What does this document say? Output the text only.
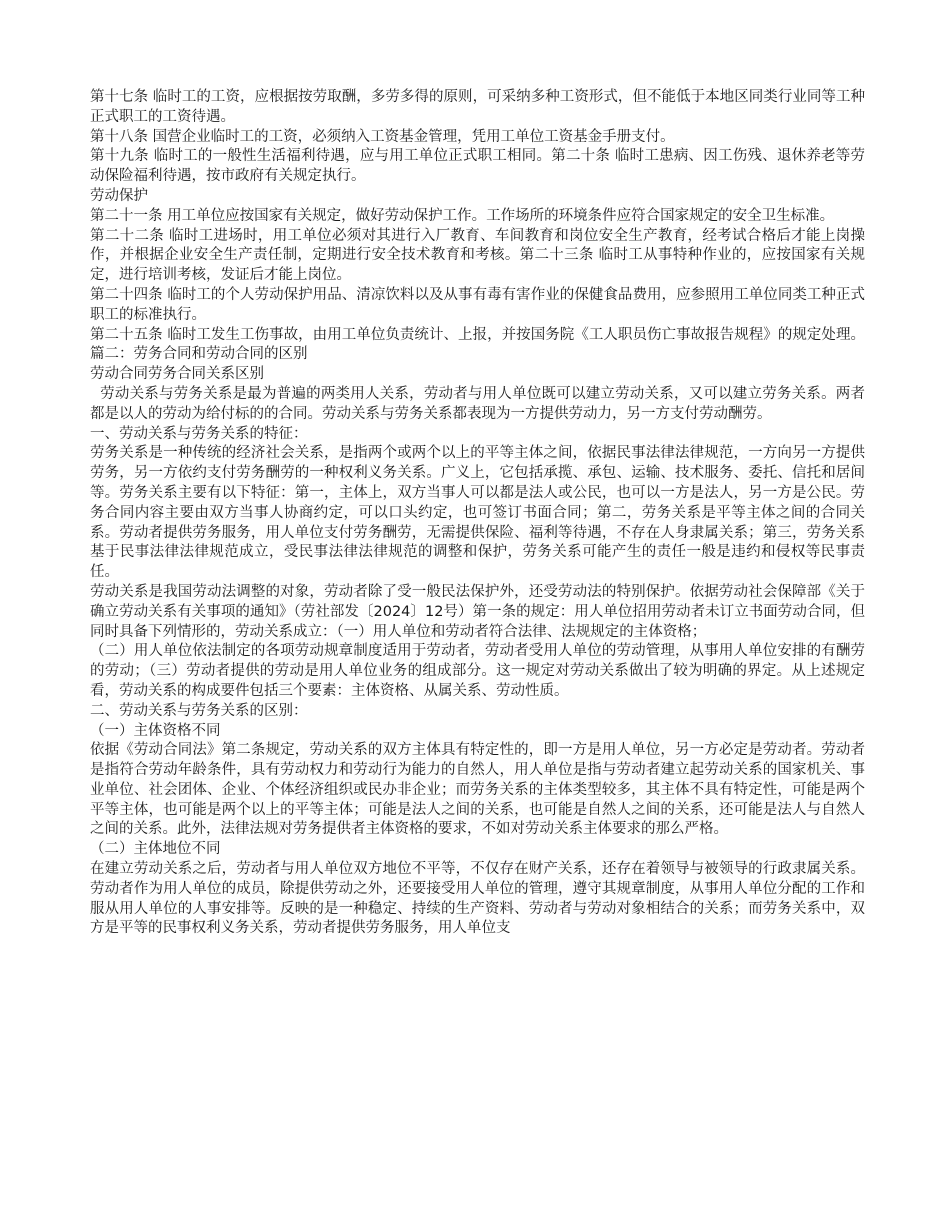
第十七条 临时工的工资，应根据按劳取酬，多劳多得的原则，可采纳多种工资形式，但不能低于本地区同类行业同等工种正式职工的工资待遇。

第十八条 国营企业临时工的工资，必须纳入工资基金管理，凭用工单位工资基金手册支付。

第十九条 临时工的一般性生活福利待遇，应与用工单位正式职工相同。第二十条 临时工患病、因工伤残、退休养老等劳动保险福利待遇，按市政府有关规定执行。

劳动保护

第二十一条 用工单位应按国家有关规定，做好劳动保护工作。工作场所的环境条件应符合国家规定的安全卫生标准。

第二十二条 临时工进场时，用工单位必须对其进行入厂教育、车间教育和岗位安全生产教育，经考试合格后才能上岗操作，并根据企业安全生产责任制，定期进行安全技术教育和考核。第二十三条 临时工从事特种作业的，应按国家有关规定，进行培训考核，发证后才能上岗位。

第二十四条 临时工的个人劳动保护用品、清凉饮料以及从事有毒有害作业的保健食品费用，应参照用工单位同类工种正式职工的标准执行。

第二十五条 临时工发生工伤事故，由用工单位负责统计、上报，并按国务院《工人职员伤亡事故报告规程》的规定处理。篇二：劳务合同和劳动合同的区别

劳动合同劳务合同关系区别

劳动关系与劳务关系是最为普遍的两类用人关系，劳动者与用人单位既可以建立劳动关系，又可以建立劳务关系。两者都是以人的劳动为给付标的的合同。劳动关系与劳务关系都表现为一方提供劳动力，另一方支付劳动酬劳。

一、劳动关系与劳务关系的特征：

劳务关系是一种传统的经济社会关系，是指两个或两个以上的平等主体之间，依据民事法律法律规范，一方向另一方提供劳务，另一方依约支付劳务酬劳的一种权利义务关系。广义上，它包括承揽、承包、运输、技术服务、委托、信托和居间等。劳务关系主要有以下特征：第一，主体上，双方当事人可以都是法人或公民，也可以一方是法人，另一方是公民。劳务合同内容主要由双方当事人协商约定，可以口头约定，也可签订书面合同；第二，劳务关系是平等主体之间的合同关系。劳动者提供劳务服务，用人单位支付劳务酬劳，无需提供保险、福利等待遇，不存在人身隶属关系；第三，劳务关系基于民事法律法律规范成立，受民事法律法律规范的调整和保护，劳务关系可能产生的责任一般是违约和侵权等民事责任。

劳动关系是我国劳动法调整的对象，劳动者除了受一般民法保护外，还受劳动法的特别保护。依据劳动社会保障部《关于确立劳动关系有关事项的通知》（劳社部发〔2024〕12号）第一条的规定：用人单位招用劳动者未订立书面劳动合同，但同时具备下列情形的，劳动关系成立：（一）用人单位和劳动者符合法律、法规规定的主体资格；

（二）用人单位依法制定的各项劳动规章制度适用于劳动者，劳动者受用人单位的劳动管理，从事用人单位安排的有酬劳的劳动；（三）劳动者提供的劳动是用人单位业务的组成部分。这一规定对劳动关系做出了较为明确的界定。从上述规定看，劳动关系的构成要件包括三个要素：主体资格、从属关系、劳动性质。

二、劳动关系与劳务关系的区别：

（一）主体资格不同

依据《劳动合同法》第二条规定，劳动关系的双方主体具有特定性的，即一方是用人单位，另一方必定是劳动者。劳动者是指符合劳动年龄条件，具有劳动权力和劳动行为能力的自然人，用人单位是指与劳动者建立起劳动关系的国家机关、事业单位、社会团体、企业、个体经济组织或民办非企业；而劳务关系的主体类型较多，其主体不具有特定性，可能是两个平等主体，也可能是两个以上的平等主体；可能是法人之间的关系，也可能是自然人之间的关系，还可能是法人与自然人之间的关系。此外，法律法规对劳务提供者主体资格的要求，不如对劳动关系主体要求的那么严格。

（二）主体地位不同

在建立劳动关系之后，劳动者与用人单位双方地位不平等，不仅存在财产关系，还存在着领导与被领导的行政隶属关系。劳动者作为用人单位的成员，除提供劳动之外，还要接受用人单位的管理，遵守其规章制度，从事用人单位分配的工作和服从用人单位的人事安排等。反映的是一种稳定、持续的生产资料、劳动者与劳动对象相结合的关系；而劳务关系中，双方是平等的民事权利义务关系，劳动者提供劳务服务，用人单位支
